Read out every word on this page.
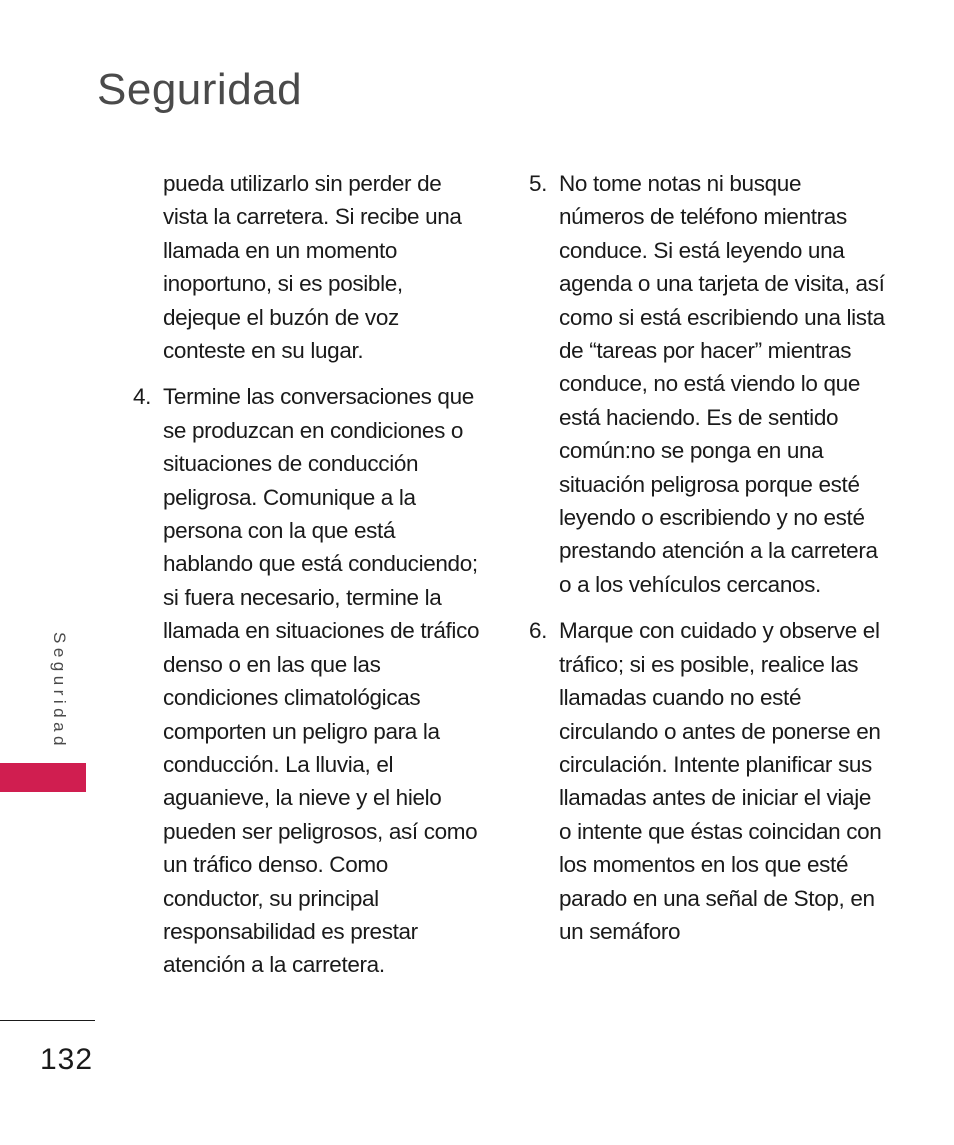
Seguridad

pueda utilizarlo sin perder de vista la carretera. Si recibe una llamada en un momento inoportuno, si es posible, dejeque el buzón de voz conteste en su lugar.

4. Termine las conversaciones que se produzcan en condiciones o situaciones de conducción peligrosa. Comunique a la persona con la que está hablando que está conduciendo; si fuera necesario, termine la llamada en situaciones de tráfico denso o en las que las condiciones climatológicas comporten un peligro para la conducción. La lluvia, el aguanieve, la nieve y el hielo pueden ser peligrosos, así como un tráfico denso. Como conductor, su principal responsabilidad es prestar atención a la carretera.

5. No tome notas ni busque números de teléfono mientras conduce. Si está leyendo una agenda o una tarjeta de visita, así como si está escribiendo una lista de “tareas por hacer” mientras conduce, no está viendo lo que está haciendo. Es de sentido común:no se ponga en una situación peligrosa porque esté leyendo o escribiendo y no esté prestando atención a la carretera o a los vehículos cercanos.

6. Marque con cuidado y observe el tráfico; si es posible, realice las llamadas cuando no esté circulando o antes de ponerse en circulación. Intente planificar sus llamadas antes de iniciar el viaje o intente que éstas coincidan con los momentos en los que esté parado en una señal de Stop, en un semáforo

Seguridad
132
